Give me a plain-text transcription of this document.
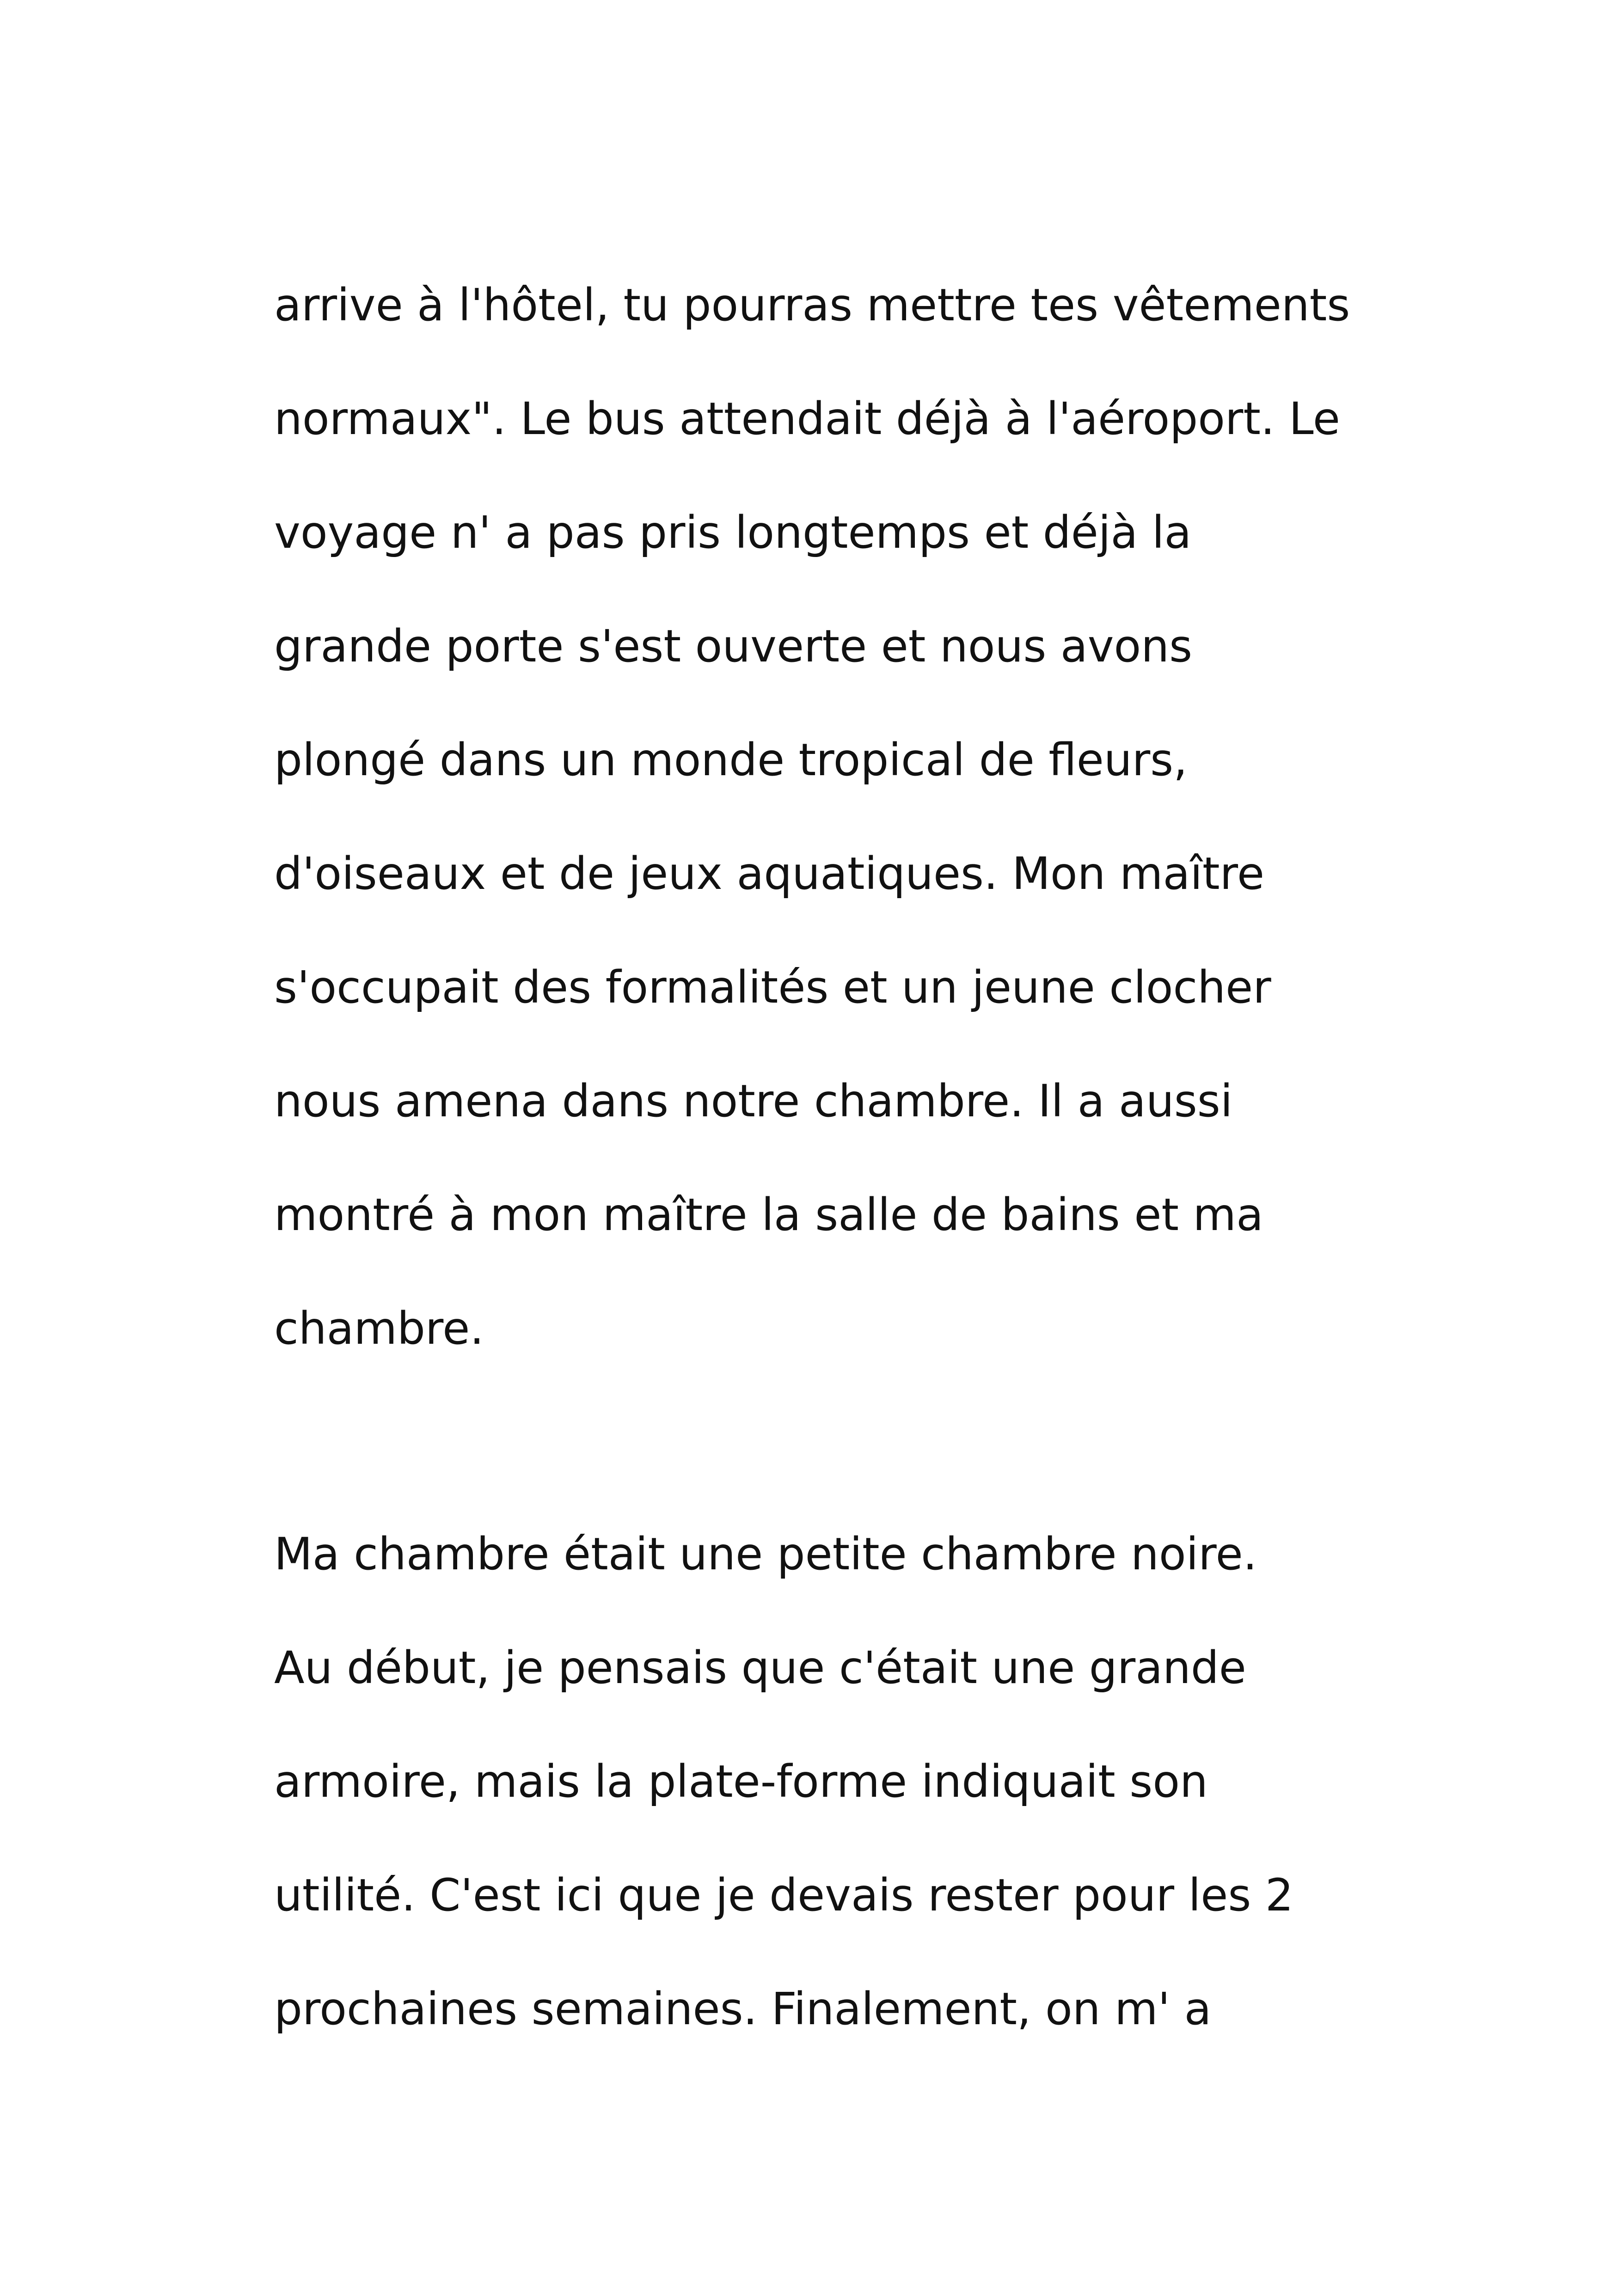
arrive à l'hôtel, tu pourras mettre tes vêtements
normaux". Le bus attendait déjà à l'aéroport. Le
voyage n' a pas pris longtemps et déjà la
grande porte s'est ouverte et nous avons
plongé dans un monde tropical de fleurs,
d'oiseaux et de jeux aquatiques. Mon maître
s'occupait des formalités et un jeune clocher
nous amena dans notre chambre. Il a aussi
montré à mon maître la salle de bains et ma
chambre.
Ma chambre était une petite chambre noire.
Au début, je pensais que c'était une grande
armoire, mais la plate-forme indiquait son
utilité. C'est ici que je devais rester pour les 2
prochaines semaines. Finalement, on m' a
